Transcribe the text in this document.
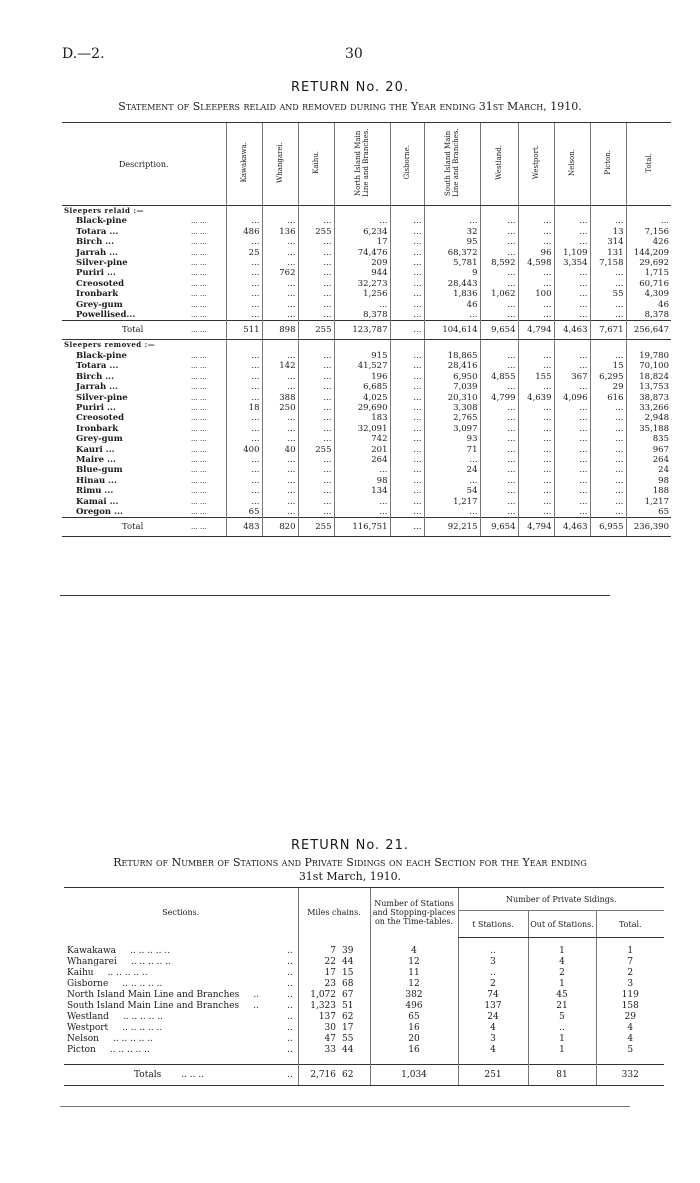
D.—2.	30
RETURN No. 20.
Statement of Sleepers relaid and removed during the Year ending 31st March, 1910.
Description.		Kawakawa.	Whangarei.	Kaihu.	North Island Main Line and Branches.	Gisborne.	South Island Main Line and Branches.	Westland.	Westport.	Nelson.	Picton.	Total.
Sleepers relaid :—												
Black-pine	... ...	...	...	...	...	...	...	...	...	...	...	...
Totara ...	... ...	486	136	255	6,234	...	32	...	...	...	13	7,156
Birch ...	... ...	...	...	...	17	...	95	...	...	...	314	426
Jarrah ...	... ...	25	...	...	74,476	...	68,372	...	96	1,109	131	144,209
Silver-pine	... ...	...	...	...	209	...	5,781	8,592	4,598	3,354	7,158	29,692
Puriri ...	... ...	...	762	...	944	...	9	...	...	...	...	1,715
Creosoted	... ...	...	...	...	32,273	...	28,443	...	...	...	...	60,716
Ironbark	... ...	...	...	...	1,256	...	1,836	1,062	100	...	55	4,309
Grey-gum	... ...	...	...	...	...	...	46	...	...	...	...	46
Powellised...	... ...	...	...	...	8,378	...	...	...	...	...	...	8,378
Total	... ...	511	898	255	123,787	...	104,614	9,654	4,794	4,463	7,671	256,647
Sleepers removed :—												
Black-pine	... ...	...	...	...	915	...	18,865	...	...	...	...	19,780
Totara ...	... ...	...	142	...	41,527	...	28,416	...	...	...	15	70,100
Birch ...	... ...	...	...	...	196	...	6,950	4,855	155	367	6,295	18,824
Jarrah ...	... ...	...	...	...	6,685	...	7,039	...	...	...	29	13,753
Silver-pine	... ...	...	388	...	4,025	...	20,310	4,799	4,639	4,096	616	38,873
Puriri ...	... ...	18	250	...	29,690	...	3,308	...	...	...	...	33,266
Creosoted	... ...	...	...	...	183	...	2,765	...	...	...	...	2,948
Ironbark	... ...	...	...	...	32,091	...	3,097	...	...	...	...	35,188
Grey-gum	... ...	...	...	...	742	...	93	...	...	...	...	835
Kauri ...	... ...	400	40	255	201	...	71	...	...	...	...	967
Maire ...	... ...	...	...	...	264	...	...	...	...	...	...	264
Blue-gum	... ...	...	...	...	...	...	24	...	...	...	...	24
Hinau ...	... ...	...	...	...	98	...	...	...	...	...	...	98
Rimu ...	... ...	...	...	...	134	...	54	...	...	...	...	188
Kamai ...	... ...	...	...	...	...	...	1,217	...	...	...	...	1,217
Oregon ...	... ...	65	...	...	...	...	...	...	...	...	...	65
Total	... ...	483	820	255	116,751	...	92,215	9,654	4,794	4,463	6,955	236,390
RETURN No. 21.
Return of Number of Stations and Private Sidings on each Section for the Year ending
31st March, 1910.
Sections.		Miles chains.		Number of Stations and Stopping-places on the Time-tables.	Number of Private Sidings.		
					t Stations.	Out of Stations.	Total.

Kawakawa .. .. .. .. ..	..	7	39	4	..	1	1
Whangarei .. .. .. .. ..	..	22	44	12	3	4	7
Kaihu .. .. .. .. ..	..	17	15	11	..	2	2
Gisborne .. .. .. .. ..	..	23	68	12	2	1	3
North Island Main Line and Branches ..	..	1,072	67	382	74	45	119
South Island Main Line and Branches ..	..	1,323	51	496	137	21	158
Westland .. .. .. .. ..	..	137	62	65	24	5	29
Westport .. .. .. .. ..	..	30	17	16	4	..	4
Nelson .. .. .. .. ..	..	47	55	20	3	1	4
Picton .. .. .. .. ..	..	33	44	16	4	1	5

Totals .. .. ..	..	2,716	62	1,034	251	81	332
